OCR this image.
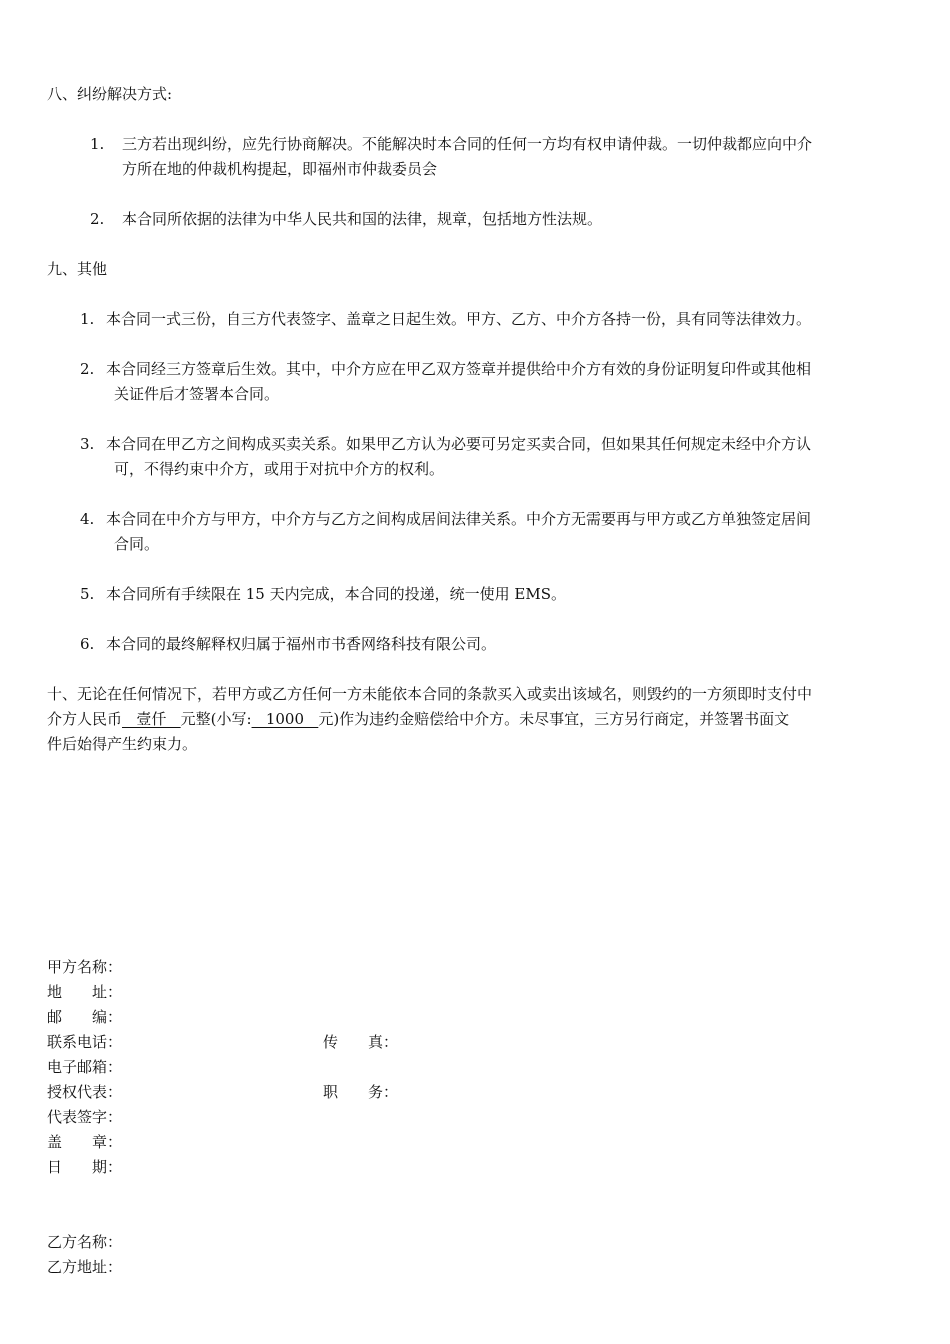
八、纠纷解决方式:
1. 三方若出现纠纷，应先行协商解决。不能解决时本合同的任何一方均有权申请仲裁。一切仲裁都应向中介
方所在地的仲裁机构提起，即福州市仲裁委员会
2. 本合同所依据的法律为中华人民共和国的法律，规章，包括地方性法规。
九、其他
1. 本合同一式三份，自三方代表签字、盖章之日起生效。甲方、乙方、中介方各持一份，具有同等法律效力。
2. 本合同经三方签章后生效。其中，中介方应在甲乙双方签章并提供给中介方有效的身份证明复印件或其他相
关证件后才签署本合同。
3. 本合同在甲乙方之间构成买卖关系。如果甲乙方认为必要可另定买卖合同，但如果其任何规定未经中介方认
可，不得约束中介方，或用于对抗中介方的权利。
4. 本合同在中介方与甲方，中介方与乙方之间构成居间法律关系。中介方无需要再与甲方或乙方单独签定居间
合同。
5. 本合同所有手续限在 15 天内完成，本合同的投递，统一使用 EMS。
6. 本合同的最终解释权归属于福州市书香网络科技有限公司。
十、无论在任何情况下，若甲方或乙方任何一方未能依本合同的条款买入或卖出该域名，则毁约的一方须即时支付中
介方人民币   壹仟   元整(小写:   1000   元)作为违约金赔偿给中介方。未尽事宜，三方另行商定，并签署书面文
件后始得产生约束力。
甲方名称：
地　　址：
邮　　编：
联系电话：	传　　真：
电子邮箱：
授权代表：	职　　务：
代表签字：
盖　　章：
日　　期：
乙方名称：
乙方地址：
